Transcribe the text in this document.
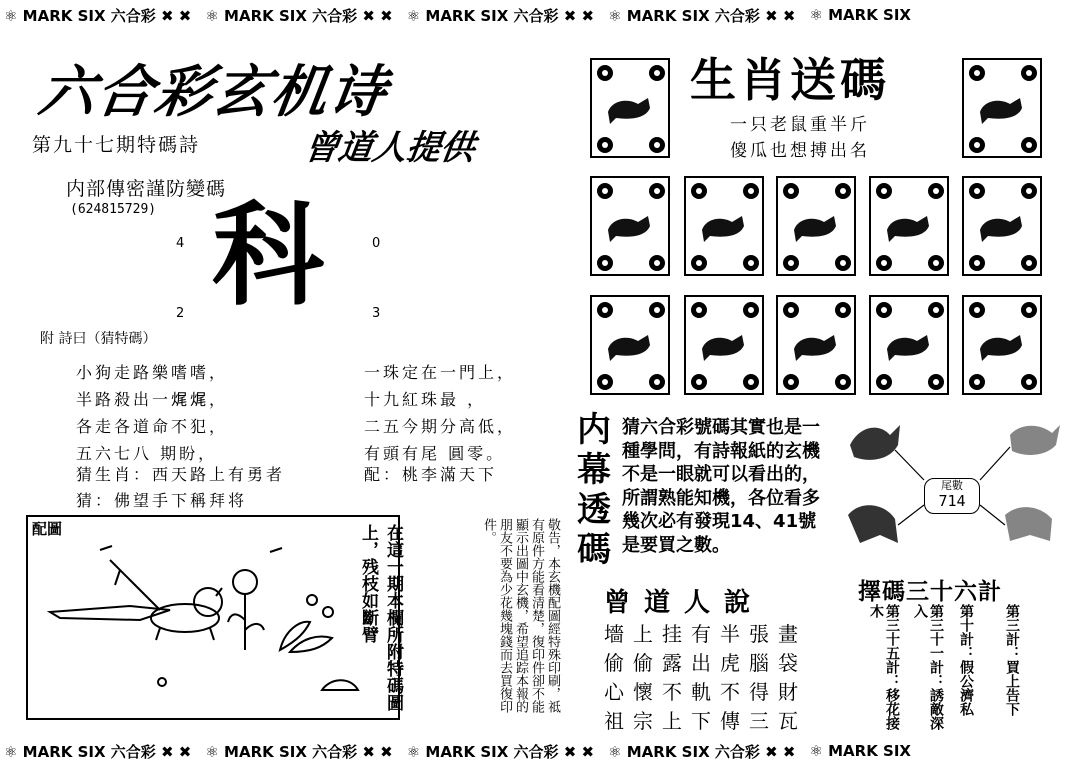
⚛ MARK SIX 六合彩 ✖ ✖ ⚛ MARK SIX 六合彩 ✖ ✖ ⚛ MARK SIX 六合彩 ✖ ✖ ⚛ MARK SIX 六合彩 ✖ ✖ ⚛ MARK SIX
⚛ MARK SIX 六合彩 ✖ ✖ ⚛ MARK SIX 六合彩 ✖ ✖ ⚛ MARK SIX 六合彩 ✖ ✖ ⚛ MARK SIX 六合彩 ✖ ✖ ⚛ MARK SIX
六合彩玄机诗
第九十七期特碼詩	曾道人提供
内部傳密謹防變碼
(624815729)
4 科	0
2	3
附 詩曰（猜特碼）
小狗走路樂嗜嗜，
半路殺出一𤈦𤈦，
各走各道命不犯，
五六七八 期盼，
一珠定在一門上，
十九紅珠最 ，
二五今期分高低，
有頭有尾 圓零。
猜生肖：西天路上有勇者
猜：佛望手下稱拜将
配：桃李滿天下
配圖	在這一期本欄所附特碼圖上，残枝如斷臂	敬告，本玄機配圖經特殊印刷，祗有原件方能看清楚，復印件卻不能顯示出圖中玄機，希望追踪本報的朋友不要為少花幾塊錢而去買復印件。
生肖送碼
一只老鼠重半斤
傻瓜也想搏出名
内幕透碼
猜六合彩號碼其實也是一種學問，有詩報紙的玄機不是一眼就可以看出的，所謂熟能知機，各位看多幾次必有發現14、41號是要買之數。
尾數
714
曾道人說
墻上挂有半張畫
偷偷露出虎腦袋
心懷不軌不得財
祖宗上下傳三瓦
擇碼三十六計
第三十五計：移花接木	第三十一計：誘敵深入	第十計：假公濟私 第三計：買上告下
